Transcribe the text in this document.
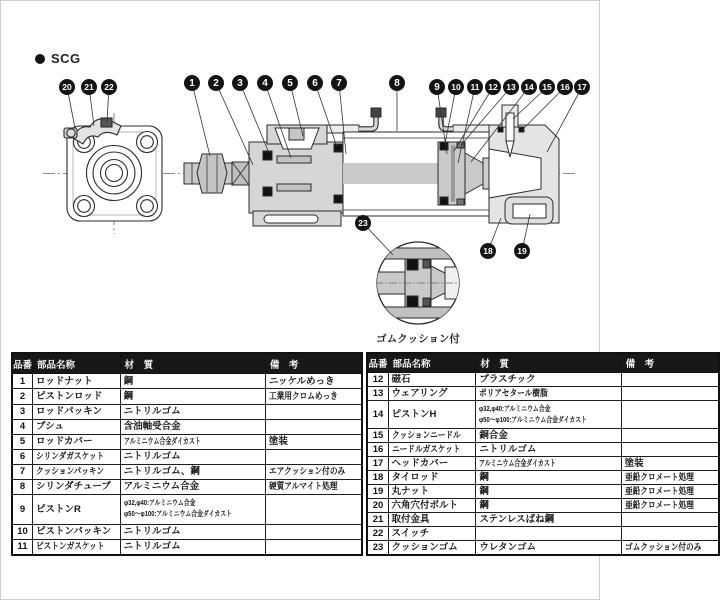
SCG
ゴムクッション付
1 2 3 4 5 6 7	8	9 10 11 12 13 14 15 16 17
18	19
20 21 22
23
品番	部品名称	材　質	備　考
1	ロッドナット	鋼	ニッケルめっき
2	ピストンロッド	鋼	工業用クロムめっき
3	ロッドパッキン	ニトリルゴム	
4	ブシュ	含油軸受合金	
5	ロッドカバー	アルミニウム合金ダイカスト	塗装
6	シリンダガスケット	ニトリルゴム	
7	クッションパッキン	ニトリルゴム、鋼	エアクッション付のみ
8	シリンダチューブ	アルミニウム合金	硬質アルマイト処理
9	ピストンR	φ32,φ40:アルミニウム合金
φ50～φ100:アルミニウム合金ダイカスト	

10	ピストンパッキン	ニトリルゴム	
11	ピストンガスケット	ニトリルゴム	
品番	部品名称	材　質	備　考
12	磁石	プラスチック	
13	ウェアリング	ポリアセタール樹脂	
14	ピストンH	φ32,φ40:アルミニウム合金
φ50～φ100:アルミニウム合金ダイカスト	

15	クッションニードル	銅合金	
16	ニードルガスケット	ニトリルゴム	
17	ヘッドカバー	アルミニウム合金ダイカスト	塗装
18	タイロッド	鋼	亜鉛クロメート処理
19	丸ナット	鋼	亜鉛クロメート処理
20	六角穴付ボルト	鋼	亜鉛クロメート処理
21	取付金具	ステンレスばね鋼	
22	スイッチ		
23	クッションゴム	ウレタンゴム	ゴムクッション付のみ
